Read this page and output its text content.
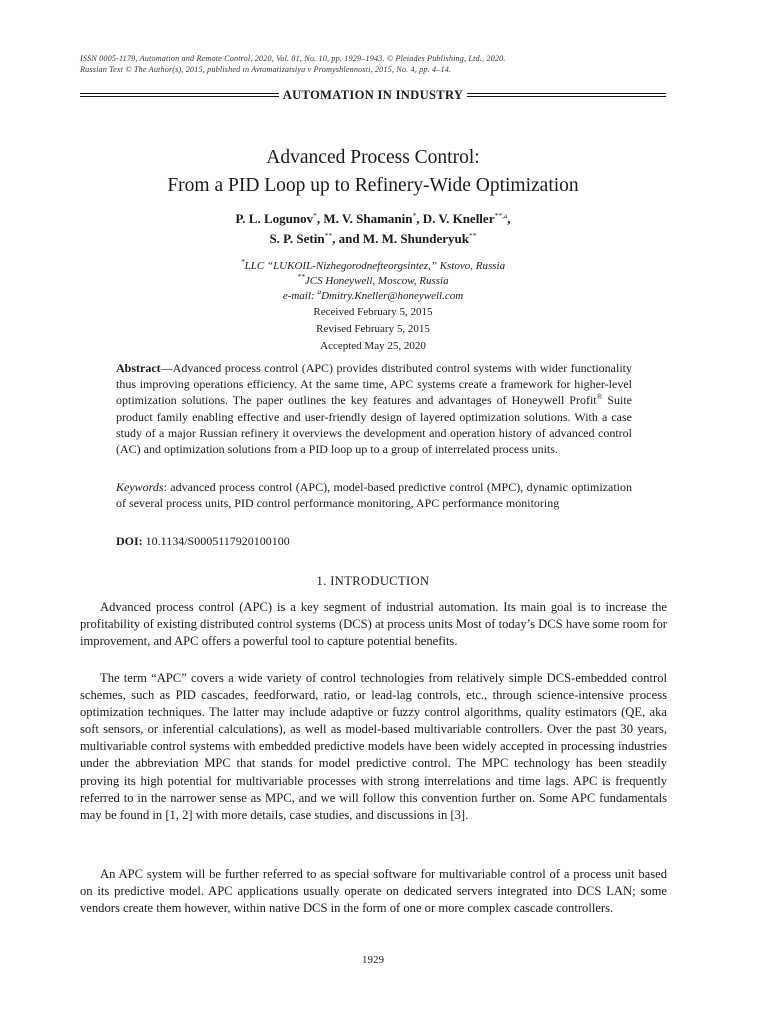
ISSN 0005-1179, Automation and Remote Control, 2020, Vol. 81, No. 10, pp. 1929–1943. © Pleiades Publishing, Ltd., 2020.
Russian Text © The Author(s), 2015, published in Avtomatizatsiya v Promyshlennosti, 2015, No. 4, pp. 4–14.
AUTOMATION IN INDUSTRY
Advanced Process Control:
From a PID Loop up to Refinery-Wide Optimization
P. L. Logunov*, M. V. Shamanin*, D. V. Kneller$^{**,a}$,
S. P. Setin**, and M. M. Shunderyuk**
*LLC “LUKOIL-Nizhegorodnefteorgsintez,” Kstovo, Russia
**JCS Honeywell, Moscow, Russia
e-mail: $^a$Dmitry.Kneller@honeywell.com
Received February 5, 2015
Revised February 5, 2015
Accepted May 25, 2020
Abstract—Advanced process control (APC) provides distributed control systems with wider functionality thus improving operations efficiency. At the same time, APC systems create a framework for higher-level optimization solutions. The paper outlines the key features and advantages of Honeywell Profit® Suite product family enabling effective and user-friendly design of layered optimization solutions. With a case study of a major Russian refinery it overviews the development and operation history of advanced control (AC) and optimization solutions from a PID loop up to a group of interrelated process units.
Keywords: advanced process control (APC), model-based predictive control (MPC), dynamic optimization of several process units, PID control performance monitoring, APC performance monitoring
DOI: 10.1134/S0005117920100100
1. INTRODUCTION

Advanced process control (APC) is a key segment of industrial automation. Its main goal is to increase the profitability of existing distributed control systems (DCS) at process units Most of today’s DCS have some room for improvement, and APC offers a powerful tool to capture potential benefits.

The term “APC” covers a wide variety of control technologies from relatively simple DCS-embedded control schemes, such as PID cascades, feedforward, ratio, or lead-lag controls, etc., through science-intensive process optimization techniques. The latter may include adaptive or fuzzy control algorithms, quality estimators (QE, aka soft sensors, or inferential calculations), as well as model-based multivariable controllers. Over the past 30 years, multivariable control systems with embedded predictive models have been widely accepted in processing industries under the abbreviation MPC that stands for model predictive control. The MPC technology has been steadily proving its high potential for multivariable processes with strong interrelations and time lags. APC is frequently referred to in the narrower sense as MPC, and we will follow this convention further on. Some APC fundamentals may be found in [1, 2] with more details, case studies, and discussions in [3].

An APC system will be further referred to as special software for multivariable control of a process unit based on its predictive model. APC applications usually operate on dedicated servers integrated into DCS LAN; some vendors create them however, within native DCS in the form of one or more complex cascade controllers.

1929
